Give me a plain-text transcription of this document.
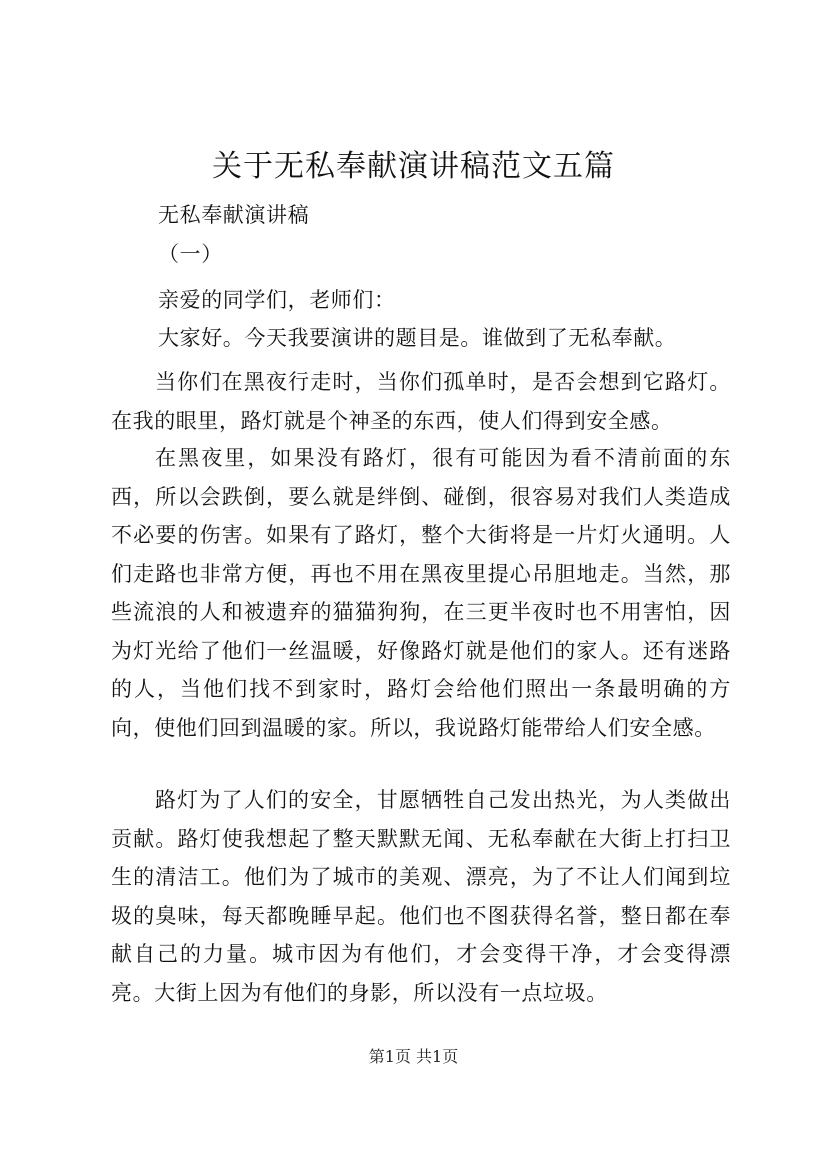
关于无私奉献演讲稿范文五篇

无私奉献演讲稿

（一）

亲爱的同学们，老师们：

大家好。今天我要演讲的题目是。谁做到了无私奉献。

当你们在黑夜行走时，当你们孤单时，是否会想到它路灯。在我的眼里，路灯就是个神圣的东西，使人们得到安全感。

在黑夜里，如果没有路灯，很有可能因为看不清前面的东西，所以会跌倒，要么就是绊倒、碰倒，很容易对我们人类造成不必要的伤害。如果有了路灯，整个大街将是一片灯火通明。人们走路也非常方便，再也不用在黑夜里提心吊胆地走。当然，那些流浪的人和被遗弃的猫猫狗狗，在三更半夜时也不用害怕，因为灯光给了他们一丝温暖，好像路灯就是他们的家人。还有迷路的人，当他们找不到家时，路灯会给他们照出一条最明确的方向，使他们回到温暖的家。所以，我说路灯能带给人们安全感。

路灯为了人们的安全，甘愿牺牲自己发出热光，为人类做出贡献。路灯使我想起了整天默默无闻、无私奉献在大街上打扫卫生的清洁工。他们为了城市的美观、漂亮，为了不让人们闻到垃圾的臭味，每天都晚睡早起。他们也不图获得名誉，整日都在奉献自己的力量。城市因为有他们，才会变得干净，才会变得漂亮。大街上因为有他们的身影，所以没有一点垃圾。

第1页 共1页
